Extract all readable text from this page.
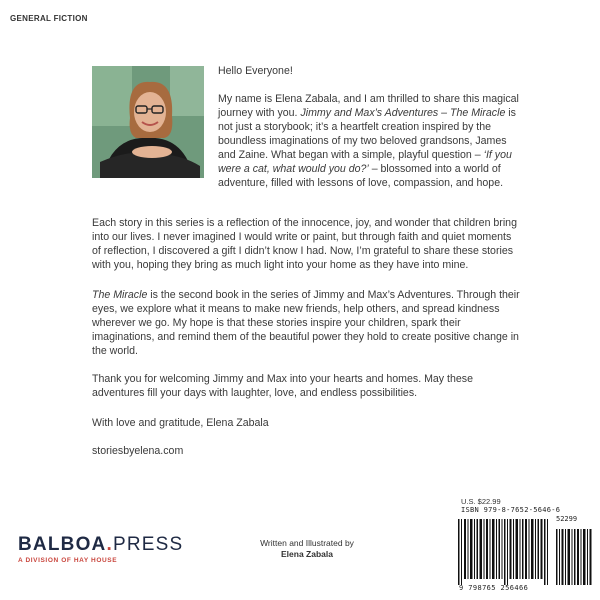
GENERAL FICTION

Hello Everyone!

My name is Elena Zabala, and I am thrilled to share this magical journey with you. Jimmy and Max’s Adventures – The Miracle is not just a storybook; it’s a heartfelt creation inspired by the boundless imaginations of my two beloved grandsons, James and Zaine. What began with a simple, playful question – ‘If you were a cat, what would you do?’ – blossomed into a world of adventure, filled with lessons of love, compassion, and hope.

Each story in this series is a reflection of the innocence, joy, and wonder that children bring into our lives. I never imagined I would write or paint, but through faith and quiet moments of reflection, I discovered a gift I didn’t know I had. Now, I’m grateful to share these stories with you, hoping they bring as much light into your home as they have into mine.

The Miracle is the second book in the series of Jimmy and Max’s Adventures. Through their eyes, we explore what it means to make new friends, help others, and spread kindness wherever we go. My hope is that these stories inspire your children, spark their imaginations, and remind them of the beautiful power they hold to create positive change in the world.

Thank you for welcoming Jimmy and Max into your hearts and homes. May these adventures fill your days with laughter, love, and endless possibilities.

With love and gratitude, Elena Zabala

storiesbyelena.com

BALBOA.PRESS
A DIVISION OF HAY HOUSE
Written and Illustrated by
Elena Zabala
U.S. $22.99
ISBN 979-8-7652-5646-6
52299
9 798765 256466
